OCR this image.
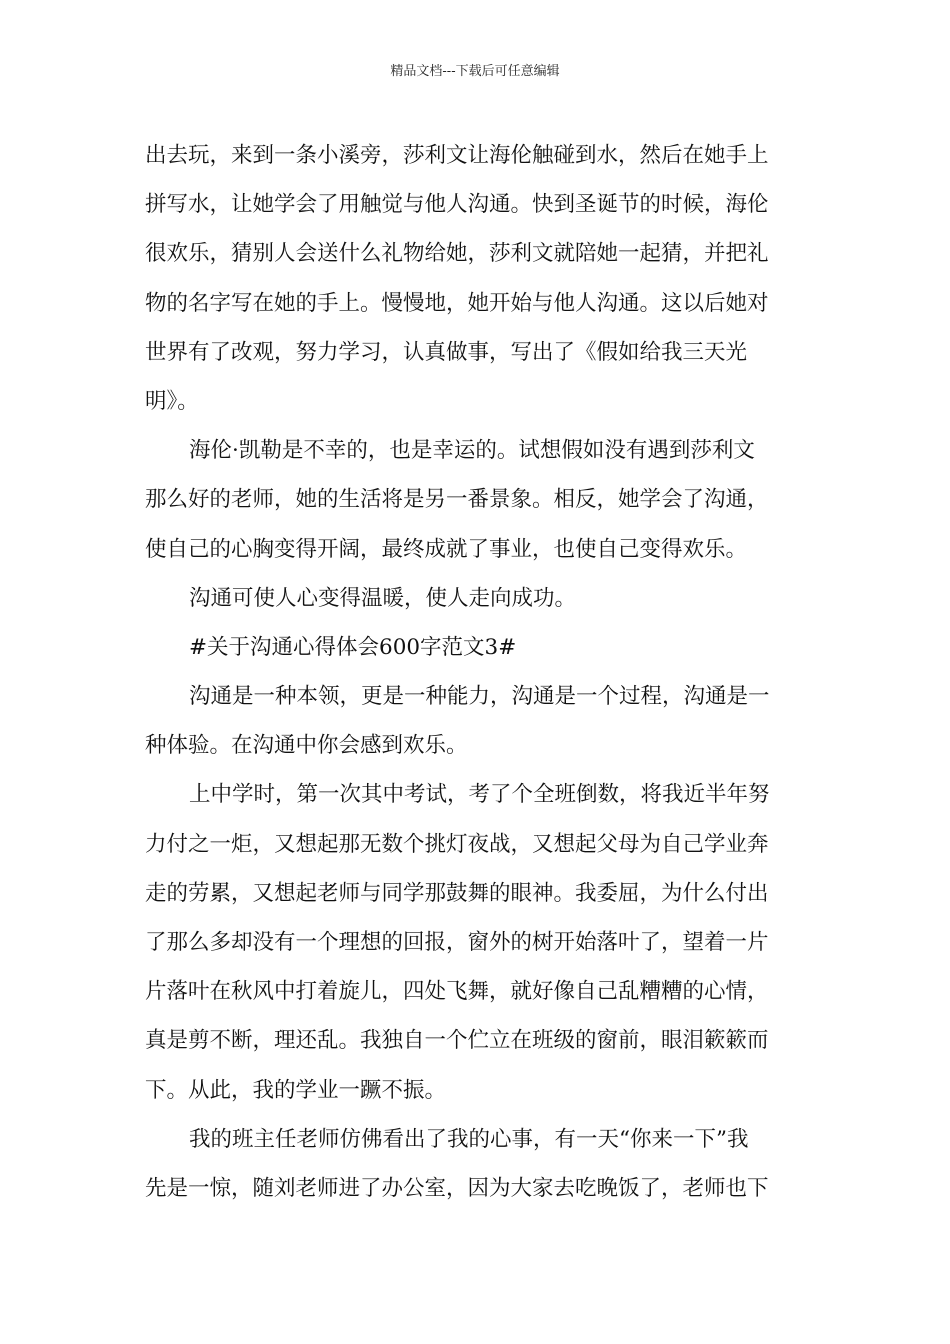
精品文档---下载后可任意编辑
出去玩，来到一条小溪旁，莎利文让海伦触碰到水，然后在她手上
拼写水，让她学会了用触觉与他人沟通。快到圣诞节的时候，海伦
很欢乐，猜别人会送什么礼物给她，莎利文就陪她一起猜，并把礼
物的名字写在她的手上。慢慢地，她开始与他人沟通。这以后她对
世界有了改观，努力学习，认真做事，写出了《假如给我三天光
明》。
海伦·凯勒是不幸的，也是幸运的。试想假如没有遇到莎利文
那么好的老师，她的生活将是另一番景象。相反，她学会了沟通，
使自己的心胸变得开阔，最终成就了事业，也使自己变得欢乐。
沟通可使人心变得温暖，使人走向成功。
#关于沟通心得体会600字范文3#
沟通是一种本领，更是一种能力，沟通是一个过程，沟通是一
种体验。在沟通中你会感到欢乐。
上中学时，第一次其中考试，考了个全班倒数，将我近半年努
力付之一炬，又想起那无数个挑灯夜战，又想起父母为自己学业奔
走的劳累，又想起老师与同学那鼓舞的眼神。我委屈，为什么付出
了那么多却没有一个理想的回报，窗外的树开始落叶了，望着一片
片落叶在秋风中打着旋儿，四处飞舞，就好像自己乱糟糟的心情，
真是剪不断，理还乱。我独自一个伫立在班级的窗前，眼泪簌簌而
下。从此，我的学业一蹶不振。
我的班主任老师仿佛看出了我的心事，有一天“你来一下”我
先是一惊，随刘老师进了办公室，因为大家去吃晚饭了，老师也下
